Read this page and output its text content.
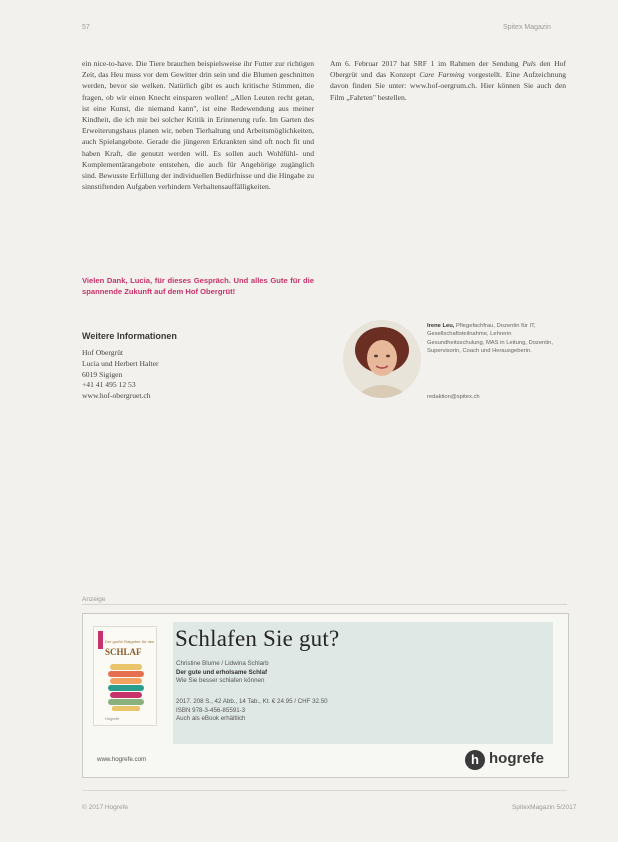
57	Spitex Magazin

ein nice-to-have. Die Tiere brauchen beispielsweise ihr Futter zur richtigen Zeit, das Heu muss vor dem Gewitter drin sein und die Blumen geschnitten werden, bevor sie welken. Natürlich gibt es auch kritische Stimmen, die fragen, ob wir einen Knecht einsparen wollen! „Allen Leuten recht getan, ist eine Kunst, die niemand kann", ist eine Redewendung aus meiner Kindheit, die ich mir bei solcher Kritik in Erinnerung rufe. Im Garten des Erweiterungsbaus planen wir, neben Tierhaltung und Arbeitsmöglichkeiten, auch Spielangebote. Gerade die jüngeren Erkrankten sind oft noch fit und haben Kraft, die genutzt werden will. Es sollen auch Wohlfühl- und Komplementärangebote entstehen, die auch für Angehörige zugänglich sind. Bewusste Erfüllung der individuellen Bedürfnisse und die Hingabe zu sinnstiftenden Aufgaben verhindern Verhaltensauffälligkeiten.

Vielen Dank, Lucia, für dieses Gespräch. Und alles Gute für die spannende Zukunft auf dem Hof Obergrüt!
Weitere Informationen
Hof Obergrüt
Lucia und Herbert Halter
6019 Sigigen
+41 41 495 12 53
www.hof-obergruet.ch

Am 6. Februar 2017 hat SRF 1 im Rahmen der Sendung Puls den Hof Obergrüt und das Konzept Care Farming vorgestellt. Eine Aufzeichnung davon finden Sie unter: www.hof-oergrum.ch. Hier können Sie auch den Film „Fahrten" bestellen.

Irene Leu, Pflegefachfrau, Dozentin für IT, Gesellschaftsteilnahme, Lehrerin Gesundheitsschulung, MAS in Leitung, Dozentin, Supervisorin, Coach und Herausgeberin.
redaktion@spitex.ch
Anzeige
Der große Ratgeber für den
SCHLAF
Hogrefe
Schlafen Sie gut?
Christine Blume / Lidwina Schlarb
Der gute und erholsame Schlaf
Wie Sie besser schlafen können
2017. 208 S., 42 Abb., 14 Tab., Kt. € 24.95 / CHF 32.50
ISBN 978-3-456-85591-3
Auch als eBook erhältlich
www.hogrefe.com	h hogrefe
© 2017 Hogrefe	SpitexMagazin 5/2017
